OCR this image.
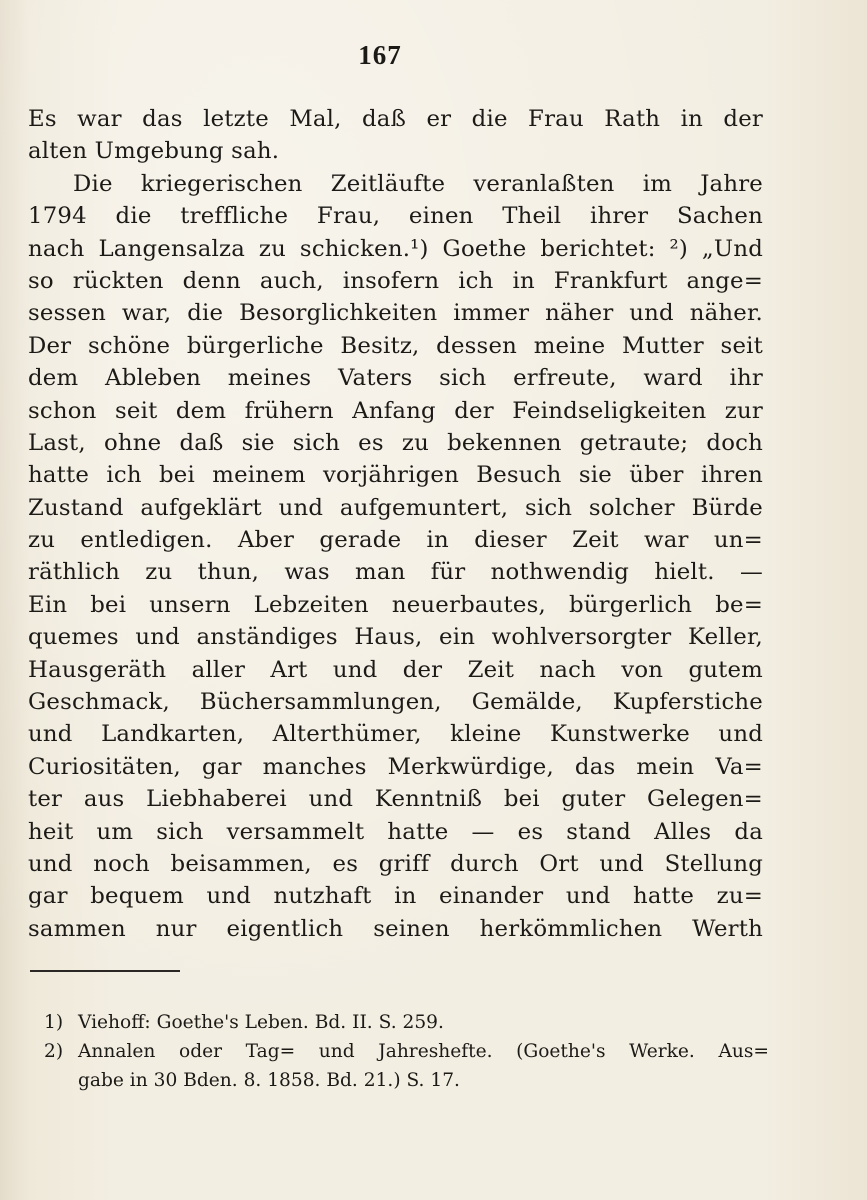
167
Es war das letzte Mal, daß er die Frau Rath in der
alten Umgebung sah.
Die kriegerischen Zeitläufte veranlaßten im Jahre
1794 die treffliche Frau, einen Theil ihrer Sachen
nach Langensalza zu schicken.¹) Goethe berichtet: ²) „Und
so rückten denn auch, insofern ich in Frankfurt ange=
sessen war, die Besorglichkeiten immer näher und näher.
Der schöne bürgerliche Besitz, dessen meine Mutter seit
dem Ableben meines Vaters sich erfreute, ward ihr
schon seit dem frühern Anfang der Feindseligkeiten zur
Last, ohne daß sie sich es zu bekennen getraute; doch
hatte ich bei meinem vorjährigen Besuch sie über ihren
Zustand aufgeklärt und aufgemuntert, sich solcher Bürde
zu entledigen. Aber gerade in dieser Zeit war un=
räthlich zu thun, was man für nothwendig hielt. —
Ein bei unsern Lebzeiten neuerbautes, bürgerlich be=
quemes und anständiges Haus, ein wohlversorgter Keller,
Hausgeräth aller Art und der Zeit nach von gutem
Geschmack, Büchersammlungen, Gemälde, Kupferstiche
und Landkarten, Alterthümer, kleine Kunstwerke und
Curiositäten, gar manches Merkwürdige, das mein Va=
ter aus Liebhaberei und Kenntniß bei guter Gelegen=
heit um sich versammelt hatte — es stand Alles da
und noch beisammen, es griff durch Ort und Stellung
gar bequem und nutzhaft in einander und hatte zu=
sammen nur eigentlich seinen herkömmlichen Werth
1) Viehoff: Goethe's Leben. Bd. II. S. 259.
2) Annalen oder Tag= und Jahreshefte. (Goethe's Werke. Aus=
gabe in 30 Bden. 8. 1858. Bd. 21.) S. 17.
